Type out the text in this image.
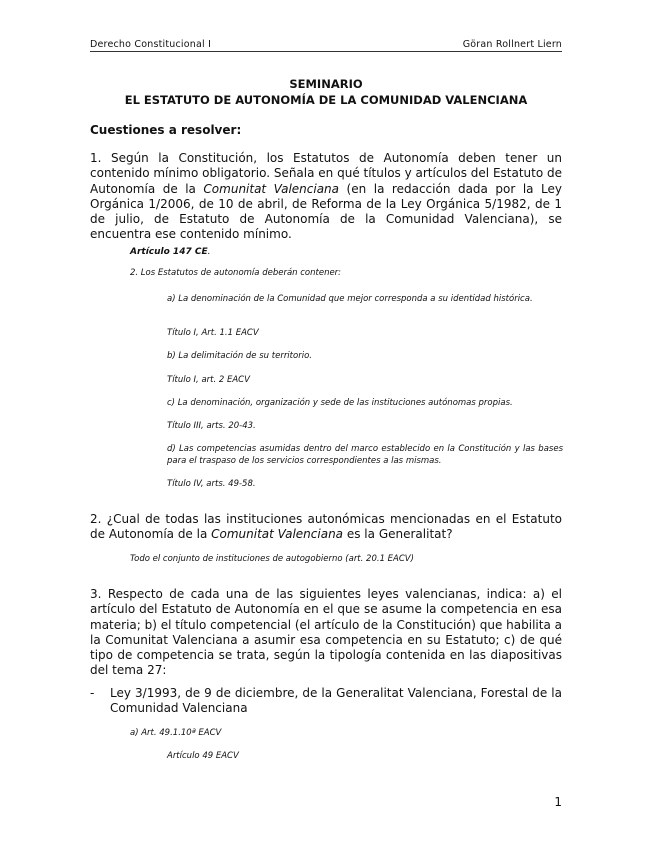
Derecho Constitucional I	Göran Rollnert Liern
SEMINARIO
EL ESTATUTO DE AUTONOMÍA DE LA COMUNIDAD VALENCIANA
Cuestiones a resolver:
1. Según la Constitución, los Estatutos de Autonomía deben tener un contenido mínimo obligatorio. Señala en qué títulos y artículos del Estatuto de Autonomía de la Comunitat Valenciana (en la redacción dada por la Ley Orgánica 1/2006, de 10 de abril, de Reforma de la Ley Orgánica 5/1982, de 1 de julio, de Estatuto de Autonomía de la Comunidad Valenciana), se encuentra ese contenido mínimo.
Artículo 147 CE.
2. Los Estatutos de autonomía deberán contener:
a) La denominación de la Comunidad que mejor corresponda a su identidad histórica.
Título I, Art. 1.1 EACV
b) La delimitación de su territorio.
Título I, art. 2 EACV
c) La denominación, organización y sede de las instituciones autónomas propias.
Título III, arts. 20-43.
d) Las competencias asumidas dentro del marco establecido en la Constitución y las bases para el traspaso de los servicios correspondientes a las mismas.
Título IV, arts. 49-58.
2. ¿Cual de todas las instituciones autonómicas mencionadas en el Estatuto de Autonomía de la Comunitat Valenciana es la Generalitat?
Todo el conjunto de instituciones de autogobierno (art. 20.1 EACV)
3. Respecto de cada una de las siguientes leyes valencianas, indica: a) el artículo del Estatuto de Autonomía en el que se asume la competencia en esa materia; b) el título competencial (el artículo de la Constitución) que habilita a la Comunitat Valenciana a asumir esa competencia en su Estatuto; c) de qué tipo de competencia se trata, según la tipología contenida en las diapositivas del tema 27:
- Ley 3/1993, de 9 de diciembre, de la Generalitat Valenciana, Forestal de la Comunidad Valenciana
a) Art. 49.1.10ª EACV
Artículo 49 EACV
1
